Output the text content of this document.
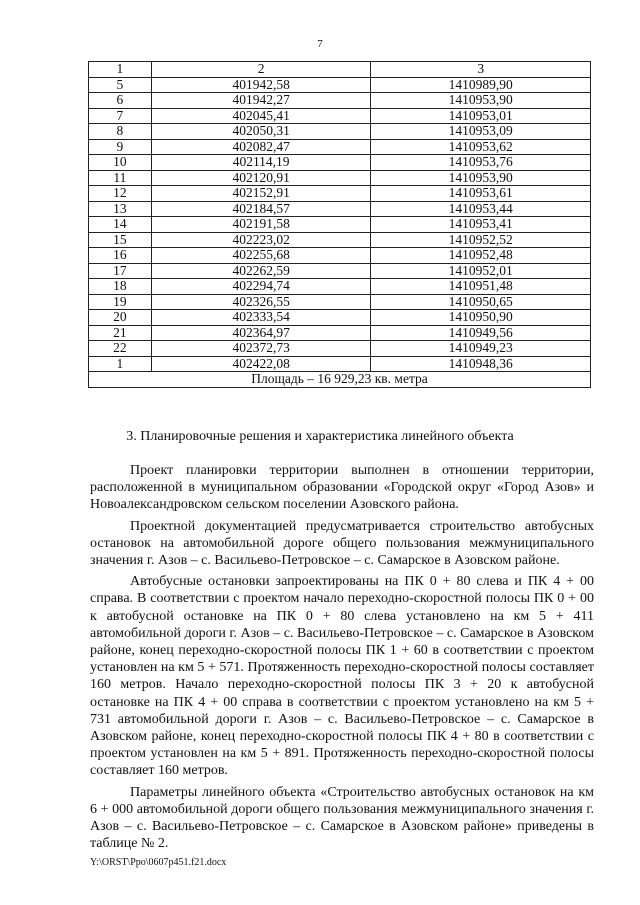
7
1	2	3
5	401942,58	1410989,90
6	401942,27	1410953,90
7	402045,41	1410953,01
8	402050,31	1410953,09
9	402082,47	1410953,62
10	402114,19	1410953,76
11	402120,91	1410953,90
12	402152,91	1410953,61
13	402184,57	1410953,44
14	402191,58	1410953,41
15	402223,02	1410952,52
16	402255,68	1410952,48
17	402262,59	1410952,01
18	402294,74	1410951,48
19	402326,55	1410950,65
20	402333,54	1410950,90
21	402364,97	1410949,56
22	402372,73	1410949,23
1	402422,08	1410948,36
Площадь – 16 929,23 кв. метра		
3. Планировочные решения и характеристика линейного объекта

Проект планировки территории выполнен в отношении территории, расположенной в муниципальном образовании «Городской округ «Город Азов» и Новоалександровском сельском поселении Азовского района.

Проектной документацией предусматривается строительство автобусных остановок на автомобильной дороге общего пользования межмуниципального значения г. Азов – с. Васильево-Петровское – с. Самарское в Азовском районе.

Автобусные остановки запроектированы на ПК 0 + 80 слева и ПК 4 + 00 справа. В соответствии с проектом начало переходно-скоростной полосы ПК 0 + 00 к автобусной остановке на ПК 0 + 80 слева установлено на км 5 + 411 автомобильной дороги г. Азов – с. Васильево-Петровское – с. Самарское в Азовском районе, конец переходно-скоростной полосы ПК 1 + 60 в соответствии с проектом установлен на км 5 + 571. Протяженность переходно-скоростной полосы составляет 160 метров. Начало переходно-скоростной полосы ПК 3 + 20 к автобусной остановке на ПК 4 + 00 справа в соответствии с проектом установлено на км 5 + 731 автомобильной дороги г. Азов – с. Васильево-Петровское – с. Самарское в Азовском районе, конец переходно-скоростной полосы ПК 4 + 80 в соответствии с проектом установлен на км 5 + 891. Протяженность переходно-скоростной полосы составляет 160 метров.

Параметры линейного объекта «Строительство автобусных остановок на км 6 + 000 автомобильной дороги общего пользования межмуниципального значения г. Азов – с. Васильево-Петровское – с. Самарское в Азовском районе» приведены в таблице № 2.

Y:\ORST\Ppo\0607p451.f21.docx
